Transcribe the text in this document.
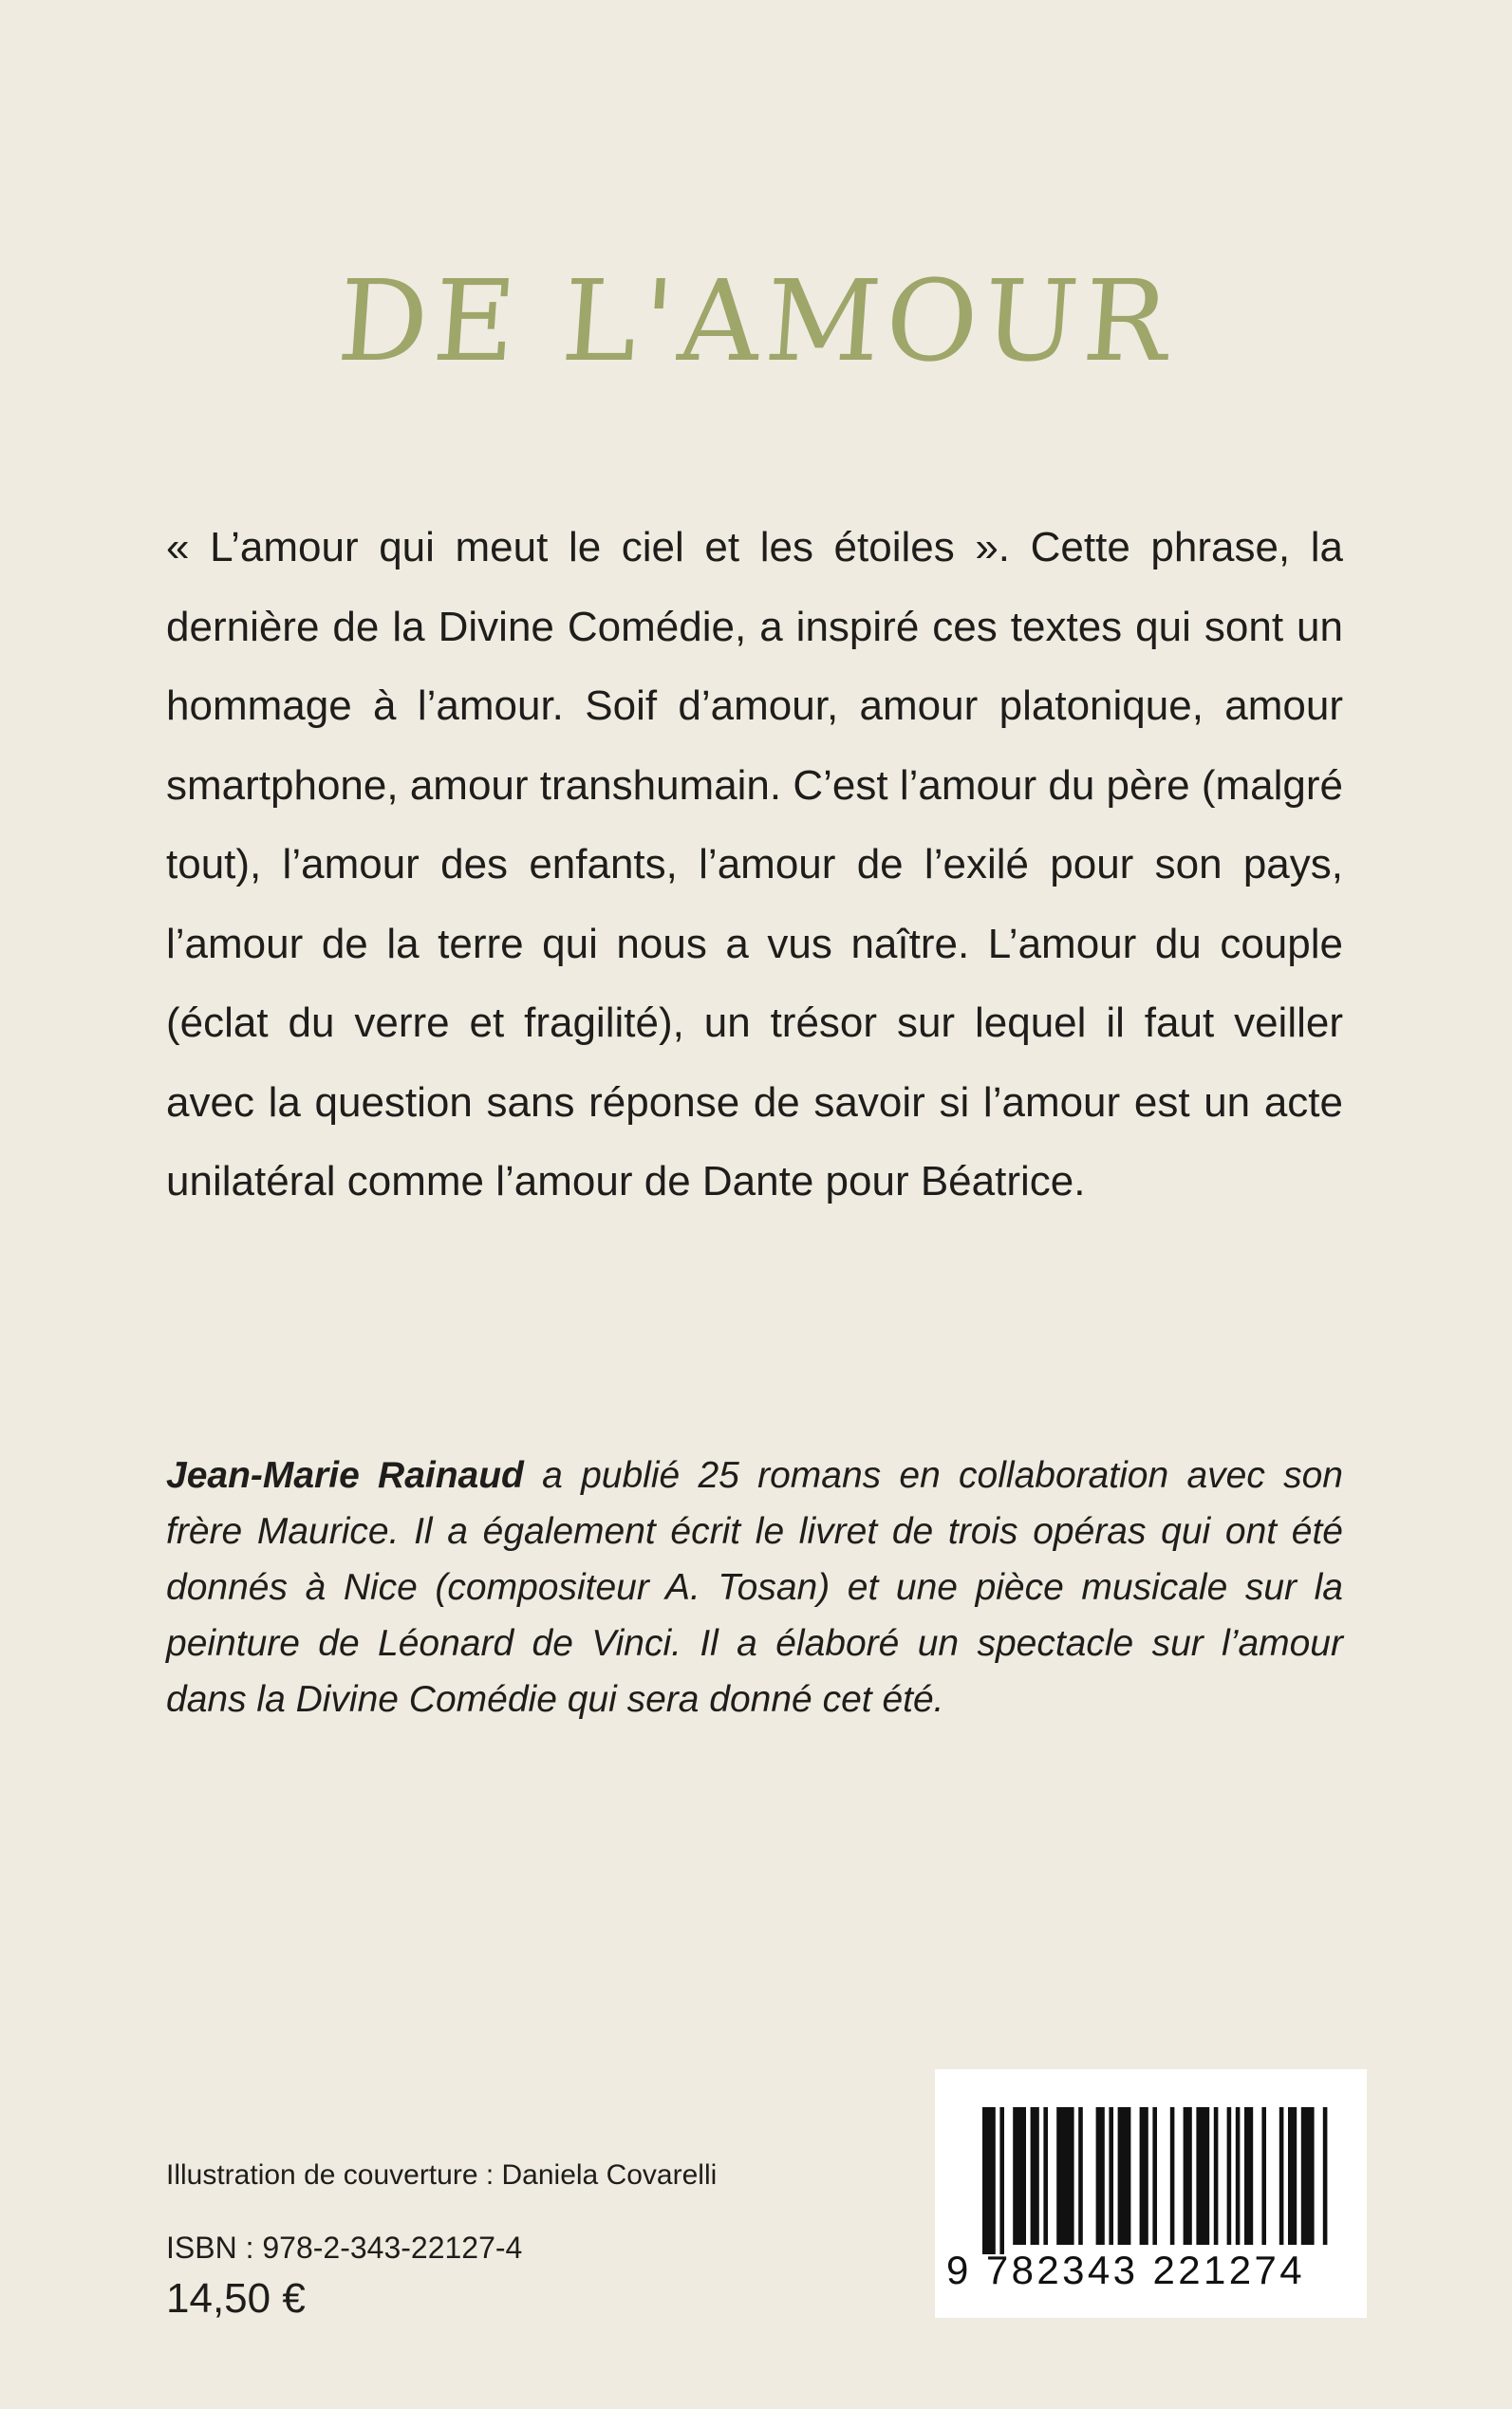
DE L'AMOUR

« L’amour qui meut le ciel et les étoiles ». Cette phrase, la dernière de la Divine Comédie, a inspiré ces textes qui sont un hommage à l’amour. Soif d’amour, amour platonique, amour smartphone, amour transhumain. C’est l’amour du père (malgré tout), l’amour des enfants, l’amour de l’exilé pour son pays, l’amour de la terre qui nous a vus naître. L’amour du couple (éclat du verre et fragilité), un trésor sur lequel il faut veiller avec la question sans réponse de savoir si l’amour est un acte unilatéral comme l’amour de Dante pour Béatrice.

Jean-Marie Rainaud a publié 25 romans en collaboration avec son frère Maurice. Il a également écrit le livret de trois opéras qui ont été donnés à Nice (compositeur A. Tosan) et une pièce musicale sur la peinture de Léonard de Vinci. Il a élaboré un spectacle sur l’amour dans la Divine Comédie qui sera donné cet été.

Illustration de couverture : Daniela Covarelli

ISBN : 978-2-343-22127-4

14,50 €

9 782343 221274
